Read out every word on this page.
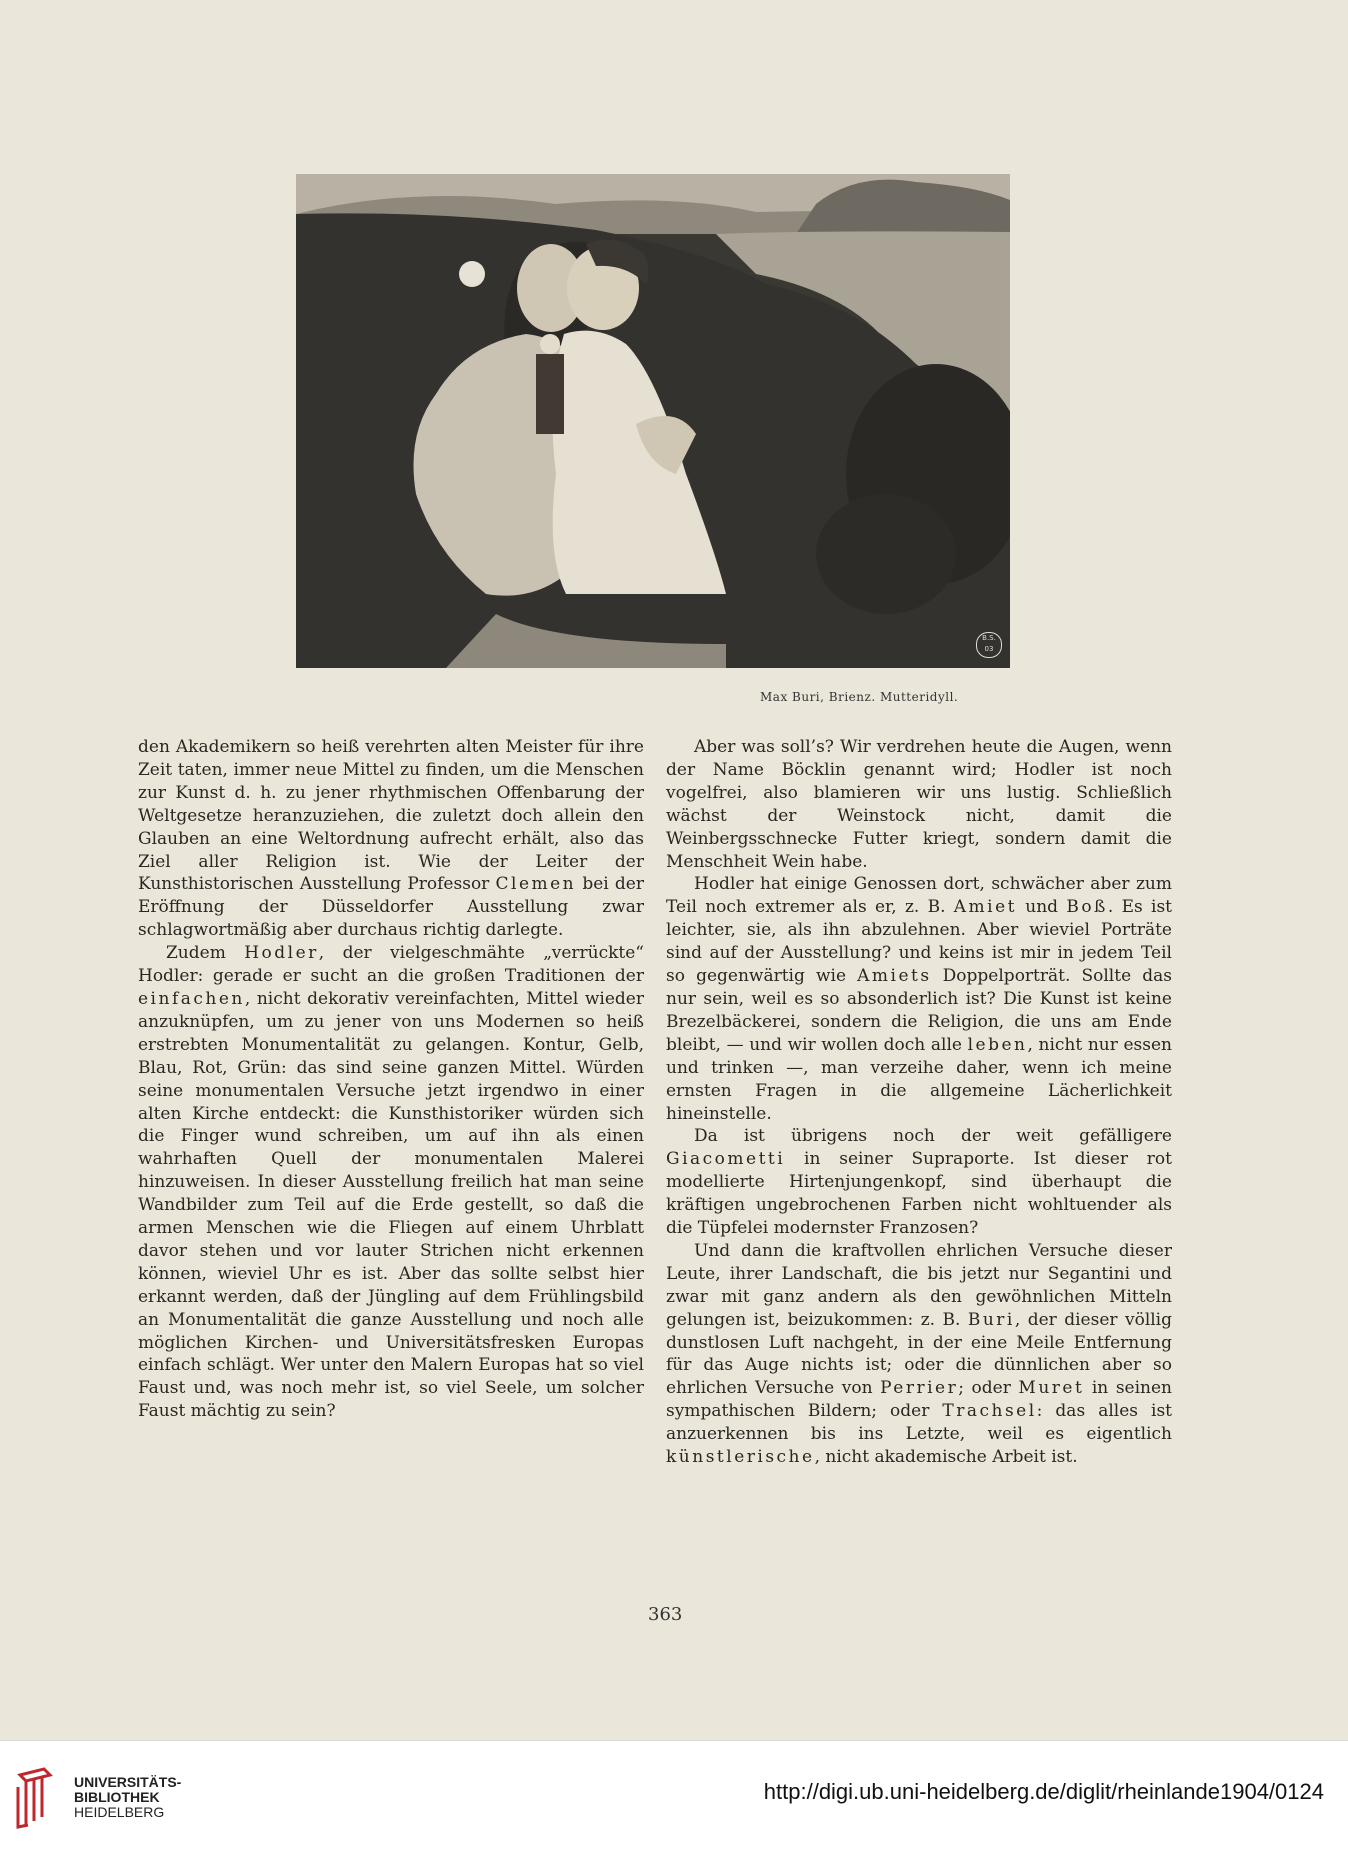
B.S. 03
Max Buri, Brienz. Mutteridyll.

den Akademikern so heiß verehrten alten Meister für ihre Zeit taten, immer neue Mittel zu finden, um die Menschen zur Kunst d. h. zu jener rhythmischen Offenbarung der Weltgesetze heranzuziehen, die zuletzt doch allein den Glauben an eine Weltordnung aufrecht erhält, also das Ziel aller Religion ist. Wie der Leiter der Kunsthistorischen Ausstellung Professor Clemen bei der Eröffnung der Düsseldorfer Ausstellung zwar schlagwortmäßig aber durchaus richtig darlegte.

Zudem Hodler, der vielgeschmähte „verrückte“ Hodler: gerade er sucht an die großen Traditionen der einfachen, nicht dekorativ vereinfachten, Mittel wieder anzuknüpfen, um zu jener von uns Modernen so heiß erstrebten Monumentalität zu gelangen. Kontur, Gelb, Blau, Rot, Grün: das sind seine ganzen Mittel. Würden seine monumentalen Versuche jetzt irgendwo in einer alten Kirche entdeckt: die Kunsthistoriker würden sich die Finger wund schreiben, um auf ihn als einen wahrhaften Quell der monumentalen Malerei hinzuweisen. In dieser Ausstellung freilich hat man seine Wandbilder zum Teil auf die Erde gestellt, so daß die armen Menschen wie die Fliegen auf einem Uhrblatt davor stehen und vor lauter Strichen nicht erkennen können, wieviel Uhr es ist. Aber das sollte selbst hier erkannt werden, daß der Jüngling auf dem Frühlingsbild an Monumentalität die ganze Ausstellung und noch alle möglichen Kirchen- und Universitätsfresken Europas einfach schlägt. Wer unter den Malern Europas hat so viel Faust und, was noch mehr ist, so viel Seele, um solcher Faust mächtig zu sein?

Aber was soll’s? Wir verdrehen heute die Augen, wenn der Name Böcklin genannt wird; Hodler ist noch vogelfrei, also blamieren wir uns lustig. Schließlich wächst der Weinstock nicht, damit die Weinbergsschnecke Futter kriegt, sondern damit die Menschheit Wein habe.

Hodler hat einige Genossen dort, schwächer aber zum Teil noch extremer als er, z. B. Amiet und Boß. Es ist leichter, sie, als ihn abzulehnen. Aber wieviel Porträte sind auf der Ausstellung? und keins ist mir in jedem Teil so gegenwärtig wie Amiets Doppelporträt. Sollte das nur sein, weil es so absonderlich ist? Die Kunst ist keine Brezelbäckerei, sondern die Religion, die uns am Ende bleibt, — und wir wollen doch alle leben, nicht nur essen und trinken —, man verzeihe daher, wenn ich meine ernsten Fragen in die allgemeine Lächerlichkeit hineinstelle.

Da ist übrigens noch der weit gefälligere Giacometti in seiner Supraporte. Ist dieser rot modellierte Hirtenjungenkopf, sind überhaupt die kräftigen ungebrochenen Farben nicht wohltuender als die Tüpfelei modernster Franzosen?

Und dann die kraftvollen ehrlichen Versuche dieser Leute, ihrer Landschaft, die bis jetzt nur Segantini und zwar mit ganz andern als den gewöhnlichen Mitteln gelungen ist, beizukommen: z. B. Buri, der dieser völlig dunstlosen Luft nachgeht, in der eine Meile Entfernung für das Auge nichts ist; oder die dünnlichen aber so ehrlichen Versuche von Perrier; oder Muret in seinen sympathischen Bildern; oder Trachsel: das alles ist anzuerkennen bis ins Letzte, weil es eigentlich künstlerische, nicht akademische Arbeit ist.

363
UNIVERSITÄTS-
BIBLIOTHEK
HEIDELBERG
http://digi.ub.uni-heidelberg.de/diglit/rheinlande1904/0124
